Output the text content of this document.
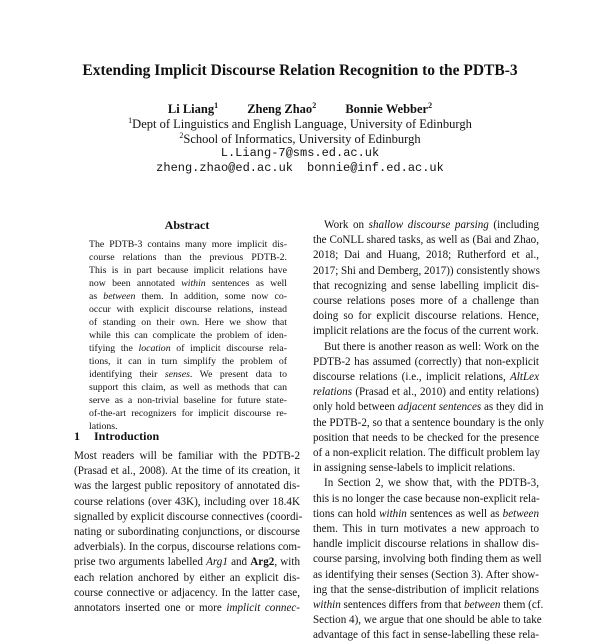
Extending Implicit Discourse Relation Recognition to the PDTB-3
Li Liang$^1$ Zheng Zhao$^2$ Bonnie Webber$^2$
$^1$Dept of Linguistics and English Language, University of Edinburgh
$^2$School of Informatics, University of Edinburgh
L.Liang-7@sms.ed.ac.uk
zheng.zhao@ed.ac.uk bonnie@inf.ed.ac.uk
Abstract
The PDTB-3 contains many more implicit dis-
course relations than the previous PDTB-2.
This is in part because implicit relations have
now been annotated within sentences as well
as between them. In addition, some now co-
occur with explicit discourse relations, instead
of standing on their own. Here we show that
while this can complicate the problem of iden-
tifying the location of implicit discourse rela-
tions, it can in turn simplify the problem of
identifying their senses. We present data to
support this claim, as well as methods that can
serve as a non-trivial baseline for future state-
of-the-art recognizers for implicit discourse re-
lations.
1 Introduction
Most readers will be familiar with the PDTB-2
(Prasad et al., 2008). At the time of its creation, it
was the largest public repository of annotated dis-
course relations (over 43K), including over 18.4K
signalled by explicit discourse connectives (coordi-
nating or subordinating conjunctions, or discourse
adverbials). In the corpus, discourse relations com-
prise two arguments labelled Arg1 and Arg2, with
each relation anchored by either an explicit dis-
course connective or adjacency. In the latter case,
annotators inserted one or more implicit connec-
Work on shallow discourse parsing (including
the CoNLL shared tasks, as well as (Bai and Zhao,
2018; Dai and Huang, 2018; Rutherford et al.,
2017; Shi and Demberg, 2017)) consistently shows
that recognizing and sense labelling implicit dis-
course relations poses more of a challenge than
doing so for explicit discourse relations. Hence,
implicit relations are the focus of the current work.
But there is another reason as well: Work on the
PDTB-2 has assumed (correctly) that non-explicit
discourse relations (i.e., implicit relations, AltLex
relations (Prasad et al., 2010) and entity relations)
only hold between adjacent sentences as they did in
the PDTB-2, so that a sentence boundary is the only
position that needs to be checked for the presence
of a non-explicit relation. The difficult problem lay
in assigning sense-labels to implicit relations.
In Section 2, we show that, with the PDTB-3,
this is no longer the case because non-explicit rela-
tions can hold within sentences as well as between
them. This in turn motivates a new approach to
handle implicit discourse relations in shallow dis-
course parsing, involving both finding them as well
as identifying their senses (Section 3). After show-
ing that the sense-distribution of implicit relations
within sentences differs from that between them (cf.
Section 4), we argue that one should be able to take
advantage of this fact in sense-labelling these rela-
